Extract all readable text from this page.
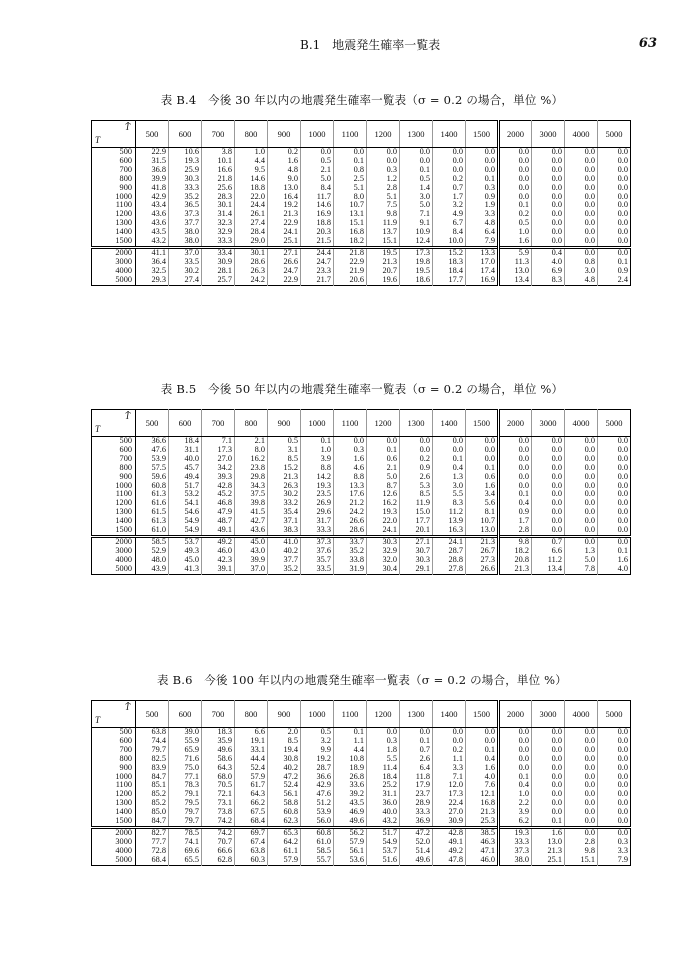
B.1　地震発生確率一覧表	63
表 B.4　今後 30 年以内の地震発生確率一覧表（σ = 0.2 の場合，単位 %）
T̂
T	500	600	700	800	900	1000	1100	1200	1300	1400	1500	2000	3000	4000	5000
500	22.9	10.6	3.8	1.0	0.2	0.0	0.0	0.0	0.0	0.0	0.0	0.0	0.0	0.0	0.0
600	31.5	19.3	10.1	4.4	1.6	0.5	0.1	0.0	0.0	0.0	0.0	0.0	0.0	0.0	0.0
700	36.8	25.9	16.6	9.5	4.8	2.1	0.8	0.3	0.1	0.0	0.0	0.0	0.0	0.0	0.0
800	39.9	30.3	21.8	14.6	9.0	5.0	2.5	1.2	0.5	0.2	0.1	0.0	0.0	0.0	0.0
900	41.8	33.3	25.6	18.8	13.0	8.4	5.1	2.8	1.4	0.7	0.3	0.0	0.0	0.0	0.0
1000	42.9	35.2	28.3	22.0	16.4	11.7	8.0	5.1	3.0	1.7	0.9	0.0	0.0	0.0	0.0
1100	43.4	36.5	30.1	24.4	19.2	14.6	10.7	7.5	5.0	3.2	1.9	0.1	0.0	0.0	0.0
1200	43.6	37.3	31.4	26.1	21.3	16.9	13.1	9.8	7.1	4.9	3.3	0.2	0.0	0.0	0.0
1300	43.6	37.7	32.3	27.4	22.9	18.8	15.1	11.9	9.1	6.7	4.8	0.5	0.0	0.0	0.0
1400	43.5	38.0	32.9	28.4	24.1	20.3	16.8	13.7	10.9	8.4	6.4	1.0	0.0	0.0	0.0
1500	43.2	38.0	33.3	29.0	25.1	21.5	18.2	15.1	12.4	10.0	7.9	1.6	0.0	0.0	0.0
2000	41.1	37.0	33.4	30.1	27.1	24.4	21.8	19.5	17.3	15.2	13.3	5.9	0.4	0.0	0.0
3000	36.4	33.5	30.9	28.6	26.6	24.7	22.9	21.3	19.8	18.3	17.0	11.3	4.0	0.8	0.1
4000	32.5	30.2	28.1	26.3	24.7	23.3	21.9	20.7	19.5	18.4	17.4	13.0	6.9	3.0	0.9
5000	29.3	27.4	25.7	24.2	22.9	21.7	20.6	19.6	18.6	17.7	16.9	13.4	8.3	4.8	2.4
表 B.5　今後 50 年以内の地震発生確率一覧表（σ = 0.2 の場合，単位 %）
T̂
T	500	600	700	800	900	1000	1100	1200	1300	1400	1500	2000	3000	4000	5000
500	36.6	18.4	7.1	2.1	0.5	0.1	0.0	0.0	0.0	0.0	0.0	0.0	0.0	0.0	0.0
600	47.6	31.1	17.3	8.0	3.1	1.0	0.3	0.1	0.0	0.0	0.0	0.0	0.0	0.0	0.0
700	53.9	40.0	27.0	16.2	8.5	3.9	1.6	0.6	0.2	0.1	0.0	0.0	0.0	0.0	0.0
800	57.5	45.7	34.2	23.8	15.2	8.8	4.6	2.1	0.9	0.4	0.1	0.0	0.0	0.0	0.0
900	59.6	49.4	39.3	29.8	21.3	14.2	8.8	5.0	2.6	1.3	0.6	0.0	0.0	0.0	0.0
1000	60.8	51.7	42.8	34.3	26.3	19.3	13.3	8.7	5.3	3.0	1.6	0.0	0.0	0.0	0.0
1100	61.3	53.2	45.2	37.5	30.2	23.5	17.6	12.6	8.5	5.5	3.4	0.1	0.0	0.0	0.0
1200	61.6	54.1	46.8	39.8	33.2	26.9	21.2	16.2	11.9	8.3	5.6	0.4	0.0	0.0	0.0
1300	61.5	54.6	47.9	41.5	35.4	29.6	24.2	19.3	15.0	11.2	8.1	0.9	0.0	0.0	0.0
1400	61.3	54.9	48.7	42.7	37.1	31.7	26.6	22.0	17.7	13.9	10.7	1.7	0.0	0.0	0.0
1500	61.0	54.9	49.1	43.6	38.3	33.3	28.6	24.1	20.1	16.3	13.0	2.8	0.0	0.0	0.0
2000	58.5	53.7	49.2	45.0	41.0	37.3	33.7	30.3	27.1	24.1	21.3	9.8	0.7	0.0	0.0
3000	52.9	49.3	46.0	43.0	40.2	37.6	35.2	32.9	30.7	28.7	26.7	18.2	6.6	1.3	0.1
4000	48.0	45.0	42.3	39.9	37.7	35.7	33.8	32.0	30.3	28.8	27.3	20.8	11.2	5.0	1.6
5000	43.9	41.3	39.1	37.0	35.2	33.5	31.9	30.4	29.1	27.8	26.6	21.3	13.4	7.8	4.0
表 B.6　今後 100 年以内の地震発生確率一覧表（σ = 0.2 の場合，単位 %）
T̂
T	500	600	700	800	900	1000	1100	1200	1300	1400	1500	2000	3000	4000	5000
500	63.8	39.0	18.3	6.6	2.0	0.5	0.1	0.0	0.0	0.0	0.0	0.0	0.0	0.0	0.0
600	74.4	55.9	35.9	19.1	8.5	3.2	1.1	0.3	0.1	0.0	0.0	0.0	0.0	0.0	0.0
700	79.7	65.9	49.6	33.1	19.4	9.9	4.4	1.8	0.7	0.2	0.1	0.0	0.0	0.0	0.0
800	82.5	71.6	58.6	44.4	30.8	19.2	10.8	5.5	2.6	1.1	0.4	0.0	0.0	0.0	0.0
900	83.9	75.0	64.3	52.4	40.2	28.7	18.9	11.4	6.4	3.3	1.6	0.0	0.0	0.0	0.0
1000	84.7	77.1	68.0	57.9	47.2	36.6	26.8	18.4	11.8	7.1	4.0	0.1	0.0	0.0	0.0
1100	85.1	78.3	70.5	61.7	52.4	42.9	33.6	25.2	17.9	12.0	7.6	0.4	0.0	0.0	0.0
1200	85.2	79.1	72.1	64.3	56.1	47.6	39.2	31.1	23.7	17.3	12.1	1.0	0.0	0.0	0.0
1300	85.2	79.5	73.1	66.2	58.8	51.2	43.5	36.0	28.9	22.4	16.8	2.2	0.0	0.0	0.0
1400	85.0	79.7	73.8	67.5	60.8	53.9	46.9	40.0	33.3	27.0	21.3	3.9	0.0	0.0	0.0
1500	84.7	79.7	74.2	68.4	62.3	56.0	49.6	43.2	36.9	30.9	25.3	6.2	0.1	0.0	0.0
2000	82.7	78.5	74.2	69.7	65.3	60.8	56.2	51.7	47.2	42.8	38.5	19.3	1.6	0.0	0.0
3000	77.7	74.1	70.7	67.4	64.2	61.0	57.9	54.9	52.0	49.1	46.3	33.3	13.0	2.8	0.3
4000	72.8	69.6	66.6	63.8	61.1	58.5	56.1	53.7	51.4	49.2	47.1	37.3	21.3	9.8	3.3
5000	68.4	65.5	62.8	60.3	57.9	55.7	53.6	51.6	49.6	47.8	46.0	38.0	25.1	15.1	7.9
